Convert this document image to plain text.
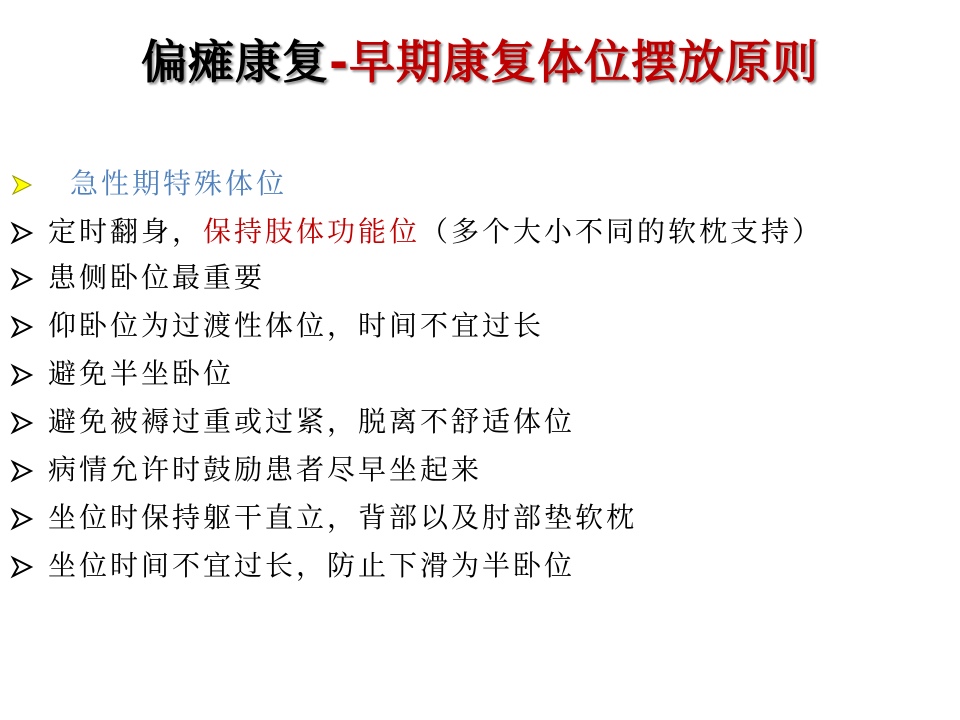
偏瘫康复-早期康复体位摆放原则
急性期特殊体位
定时翻身，保持肢体功能位（多个大小不同的软枕支持）
患侧卧位最重要
仰卧位为过渡性体位，时间不宜过长
避免半坐卧位
避免被褥过重或过紧，脱离不舒适体位
病情允许时鼓励患者尽早坐起来
坐位时保持躯干直立，背部以及肘部垫软枕
坐位时间不宜过长，防止下滑为半卧位
